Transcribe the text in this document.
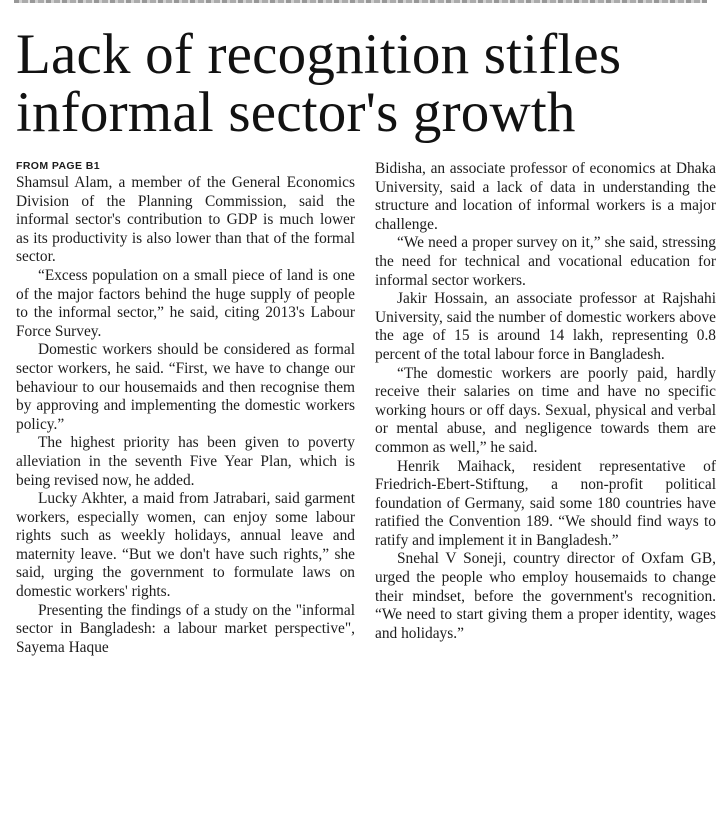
Lack of recognition stifles informal sector's growth
FROM PAGE B1

Shamsul Alam, a member of the General Economics Division of the Planning Commission, said the informal sector's contribution to GDP is much lower as its productivity is also lower than that of the formal sector.

“Excess population on a small piece of land is one of the major factors behind the huge supply of people to the informal sector,” he said, citing 2013's Labour Force Survey.

Domestic workers should be considered as formal sector workers, he said. “First, we have to change our behaviour to our housemaids and then recognise them by approving and implementing the domestic workers policy.”

The highest priority has been given to poverty alleviation in the seventh Five Year Plan, which is being revised now, he added.

Lucky Akhter, a maid from Jatrabari, said garment workers, especially women, can enjoy some labour rights such as weekly holidays, annual leave and maternity leave. “But we don't have such rights,” she said, urging the government to formulate laws on domestic workers' rights.

Presenting the findings of a study on the "informal sector in Bangladesh: a labour market perspective", Sayema Haque

Bidisha, an associate professor of economics at Dhaka University, said a lack of data in understanding the structure and location of informal workers is a major challenge.

“We need a proper survey on it,” she said, stressing the need for technical and vocational education for informal sector workers.

Jakir Hossain, an associate professor at Rajshahi University, said the number of domestic workers above the age of 15 is around 14 lakh, representing 0.8 percent of the total labour force in Bangladesh.

“The domestic workers are poorly paid, hardly receive their salaries on time and have no specific working hours or off days. Sexual, physical and verbal or mental abuse, and negligence towards them are common as well,” he said.

Henrik Maihack, resident representative of Friedrich-Ebert-Stiftung, a non-profit political foundation of Germany, said some 180 countries have ratified the Convention 189. “We should find ways to ratify and implement it in Bangladesh.”

Snehal V Soneji, country director of Oxfam GB, urged the people who employ housemaids to change their mindset, before the government's recognition. “We need to start giving them a proper identity, wages and holidays.”
